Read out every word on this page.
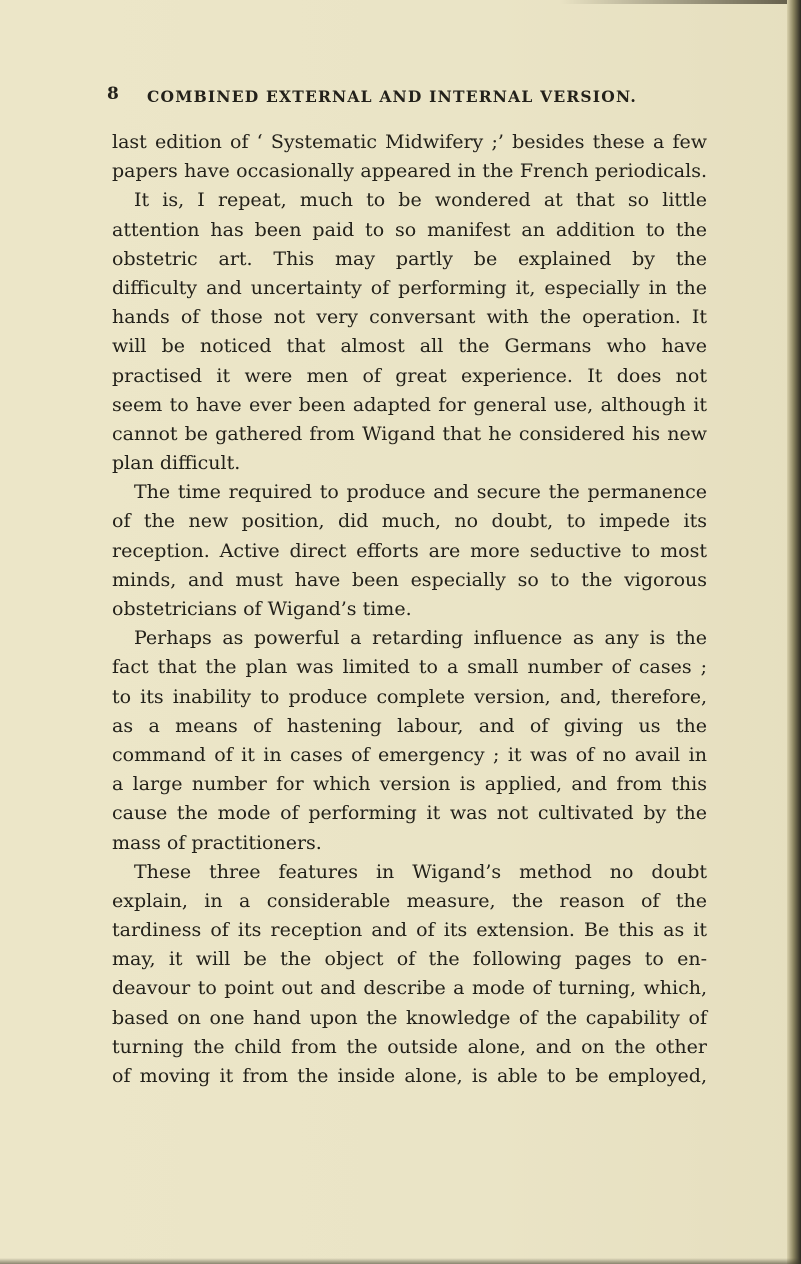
8 COMBINED EXTERNAL AND INTERNAL VERSION.
last edition of ‘ Systematic Midwifery ;’ besides these a few
papers have occasionally appeared in the French periodicals.
It is, I repeat, much to be wondered at that so little
attention has been paid to so manifest an addition to the
obstetric art. This may partly be explained by the
difficulty and uncertainty of performing it, especially in the
hands of those not very conversant with the operation. It
will be noticed that almost all the Germans who have
practised it were men of great experience. It does not
seem to have ever been adapted for general use, although it
cannot be gathered from Wigand that he considered his new
plan difficult.
The time required to produce and secure the permanence
of the new position, did much, no doubt, to impede its
reception. Active direct efforts are more seductive to most
minds, and must have been especially so to the vigorous
obstetricians of Wigand’s time.
Perhaps as powerful a retarding influence as any is the
fact that the plan was limited to a small number of cases ;
to its inability to produce complete version, and, therefore,
as a means of hastening labour, and of giving us the
command of it in cases of emergency ; it was of no avail in
a large number for which version is applied, and from this
cause the mode of performing it was not cultivated by the
mass of practitioners.
These three features in Wigand’s method no doubt
explain, in a considerable measure, the reason of the
tardiness of its reception and of its extension. Be this as it
may, it will be the object of the following pages to en-
deavour to point out and describe a mode of turning, which,
based on one hand upon the knowledge of the capability of
turning the child from the outside alone, and on the other
of moving it from the inside alone, is able to be employed,
